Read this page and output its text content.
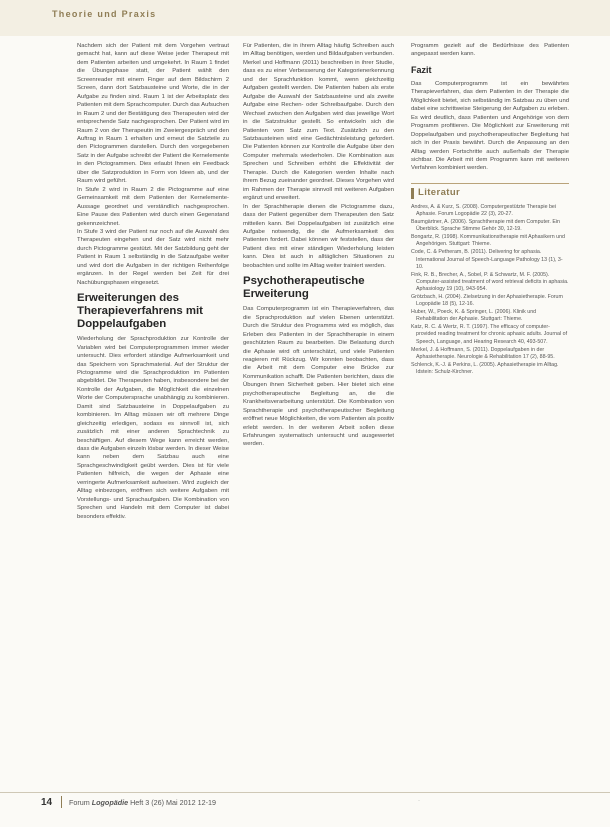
Theorie und Praxis

Nachdem sich der Patient mit dem Vorgehen vertraut gemacht hat, kann auf diese Weise jeder Therapeut mit dem Patienten arbeiten und umgekehrt. In Raum 1 findet die Übungsphase statt, der Patient wählt den Screenreader mit einem Finger auf dem Bildschirm 2 Screen, dann dort Satzbausteine und Worte, die in der Aufgabe zu finden sind. Raum 1 ist der Arbeitsplatz des Patienten mit dem Sprachcomputer. Durch das Aufsuchen in Raum 2 und der Bestätigung des Therapeuten wird der entsprechende Satz nachgesprochen. Der Patient wird im Raum 2 von der Therapeutin im Zweiergespräch und den Auftrag in Raum 1 erhalten und erneut die Satzteile zu den Pictogrammen darstellen. Durch den vorgegebenen Satz in der Aufgabe schreibt der Patient die Kernelemente in den Pictogrammen. Dies erlaubt Ihnen ein Feedback über die Satzproduktion in Form von Ideen ab, und der Raum wird geführt.

In Stufe 2 wird in Raum 2 die Pictogramme auf eine Gemeinsamkeit mit dem Patienten der Kernelemente-Aussage geordnet und verständlich nachgesprochen. Eine Pause des Patienten wird durch einen Gegenstand gekennzeichnet.

In Stufe 3 wird der Patient nur noch auf die Auswahl des Therapeuten eingehen und der Satz wird nicht mehr durch Pictogramme gestützt. Mit der Satzbildung geht der Patient in Raum 1 selbständig in die Satzaufgabe weiter und wird dort die Aufgaben in der richtigen Reihenfolge ergänzen. In der Regel werden bei Zeit für drei Nachübungsphasen eingesetzt.

Erweiterungen des Therapieverfahrens mit Doppelaufgaben

Wiederholung der Sprachproduktion zur Kontrolle der Variablen wird bei Computerprogrammen immer wieder untersucht. Dies erfordert ständige Aufmerksamkeit und das Speichern von Sprachmaterial. Auf der Struktur der Pictogramme wird die Sprachproduktion im Patienten abgebildet. Die Therapeuten haben, insbesondere bei der Kontrolle der Aufgaben, die Möglichkeit die einzelnen Worte der Computersprache unabhängig zu kombinieren. Damit sind Satzbausteine in Doppelaufgaben zu kombinieren. Im Alltag müssen wir oft mehrere Dinge gleichzeitig erledigen, sodass es sinnvoll ist, sich zusätzlich mit einer anderen Sprachtechnik zu beschäftigen. Auf diesem Wege kann erreicht werden, dass die Aufgaben einzeln lösbar werden. In dieser Weise kann neben dem Satzbau auch eine Sprachgeschwindigkeit geübt werden. Dies ist für viele Patienten hilfreich, die wegen der Aphasie eine verringerte Aufmerksamkeit aufweisen. Wird zugleich der Alltag einbezogen, eröffnen sich weitere Aufgaben mit Vorstellungs- und Sprachaufgaben. Die Kombination von Sprechen und Handeln mit dem Computer ist dabei besonders effektiv.

Für Patienten, die in ihrem Alltag häufig Schreiben auch im Alltag benötigen, werden und Bildaufgaben verbunden. Merkel und Hoffmann (2011) beschreiben in ihrer Studie, dass es zu einer Verbesserung der Kategorienerkennung und der Sprachfunktion kommt, wenn gleichzeitig Aufgaben gestellt werden. Die Patienten haben als erste Aufgabe die Auswahl der Satzbausteine und als zweite Aufgabe eine Rechen- oder Schreibaufgabe. Durch den Wechsel zwischen den Aufgaben wird das jeweilige Wort in die Satzstruktur gestellt. So entwickeln sich die Patienten vom Satz zum Text. Zusätzlich zu den Satzbausteinen wird eine Gedächtnisleistung gefordert. Die Patienten können zur Kontrolle die Aufgabe über den Computer mehrmals wiederholen. Die Kombination aus Sprechen und Schreiben erhöht die Effektivität der Therapie. Durch die Kategorien werden Inhalte nach ihrem Bezug zueinander geordnet. Dieses Vorgehen wird im Rahmen der Therapie sinnvoll mit weiteren Aufgaben ergänzt und erweitert.

In der Sprachtherapie dienen die Pictogramme dazu, dass der Patient gegenüber dem Therapeuten den Satz mitteilen kann. Bei Doppelaufgaben ist zusätzlich eine Aufgabe notwendig, die die Aufmerksamkeit des Patienten fordert. Dabei können wir feststellen, dass der Patient dies mit einer ständigen Wiederholung leisten kann. Dies ist auch in alltäglichen Situationen zu beobachten und sollte im Alltag weiter trainiert werden.

Psychotherapeutische Erweiterung

Das Computerprogramm ist ein Therapieverfahren, das die Sprachproduktion auf vielen Ebenen unterstützt. Durch die Struktur des Programms wird es möglich, das Erleben des Patienten in der Sprachtherapie in einem geschützten Raum zu bearbeiten. Die Belastung durch die Aphasie wird oft unterschätzt, und viele Patienten reagieren mit Rückzug. Wir konnten beobachten, dass die Arbeit mit dem Computer eine Brücke zur Kommunikation schafft. Die Patienten berichten, dass die Übungen ihnen Sicherheit geben. Hier bietet sich eine psychotherapeutische Begleitung an, die die Krankheitsverarbeitung unterstützt. Die Kombination von Sprachtherapie und psychotherapeutischer Begleitung eröffnet neue Möglichkeiten, die vom Patienten als positiv erlebt werden. In der weiteren Arbeit sollen diese Erfahrungen systematisch untersucht und ausgewertet werden.

Programm gezielt auf die Bedürfnisse des Patienten angepasst werden kann.

Fazit

Das Computerprogramm ist ein bewährtes Therapieverfahren, das dem Patienten in der Therapie die Möglichkeit bietet, sich selbständig im Satzbau zu üben und dabei eine schrittweise Steigerung der Aufgaben zu erleben. Es wird deutlich, dass Patienten und Angehörige von dem Programm profitieren. Die Möglichkeit zur Erweiterung mit Doppelaufgaben und psychotherapeutischer Begleitung hat sich in der Praxis bewährt. Durch die Anpassung an den Alltag werden Fortschritte auch außerhalb der Therapie sichtbar. Die Arbeit mit dem Programm kann mit weiteren Verfahren kombiniert werden.

Literatur
Andres, A. & Kurz, S. (2008). Computergestützte Therapie bei Aphasie. Forum Logopädie 22 (3), 20-27.
Baumgärtner, A. (2006). Sprachtherapie mit dem Computer. Ein Überblick. Sprache Stimme Gehör 30, 12-19.
Bongartz, R. (1998). Kommunikationstherapie mit Aphasikern und Angehörigen. Stuttgart: Thieme.
Code, C. & Petheram, B. (2011). Delivering for aphasia. International Journal of Speech-Language Pathology 13 (1), 3-10.
Fink, R. B., Brecher, A., Sobel, P. & Schwartz, M. F. (2005). Computer-assisted treatment of word retrieval deficits in aphasia. Aphasiology 19 (10), 943-954.
Grötzbach, H. (2004). Zielsetzung in der Aphasietherapie. Forum Logopädie 18 (5), 12-16.
Huber, W., Poeck, K. & Springer, L. (2006). Klinik und Rehabilitation der Aphasie. Stuttgart: Thieme.
Katz, R. C. & Wertz, R. T. (1997). The efficacy of computer-provided reading treatment for chronic aphasic adults. Journal of Speech, Language, and Hearing Research 40, 493-507.
Merkel, J. & Hoffmann, S. (2011). Doppelaufgaben in der Aphasietherapie. Neurologie & Rehabilitation 17 (2), 88-95.
Schlenck, K.-J. & Perkins, L. (2005). Aphasietherapie im Alltag. Idstein: Schulz-Kirchner.
14 Forum Logopädie Heft 3 (26) Mai 2012 12-19	·
